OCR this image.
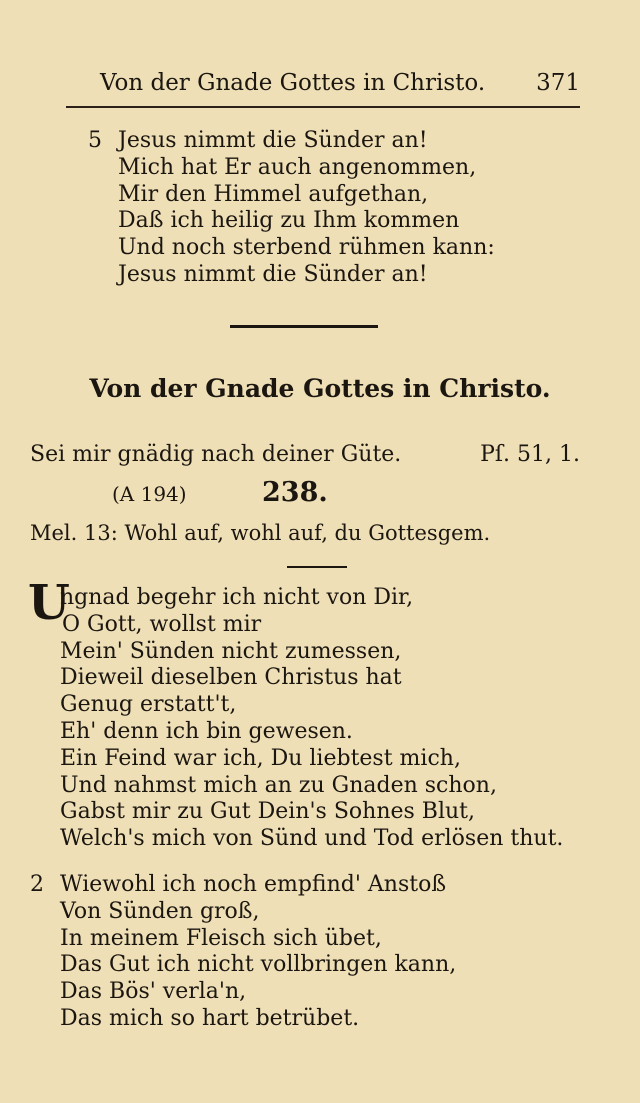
Von der Gnade Gottes in Christo. 371
5 Jesus nimmt die Sünder an!
Mich hat Er auch angenommen,
Mir den Himmel aufgethan,
Daß ich heilig zu Ihm kommen
Und noch sterbend rühmen kann:
Jesus nimmt die Sünder an!
Von der Gnade Gottes in Christo.
Sei mir gnädig nach deiner Güte.	Pſ. 51, 1.
(A 194)	238.
Mel. 13: Wohl auf, wohl auf, du Gottesgem.
U
ngnad begehr ich nicht von Dir,
O Gott, wollst mir
Mein' Sünden nicht zumessen,
Dieweil dieselben Christus hat
Genug erstatt't,
Eh' denn ich bin gewesen.
Ein Feind war ich, Du liebtest mich,
Und nahmst mich an zu Gnaden schon,
Gabst mir zu Gut Dein's Sohnes Blut,
Welch's mich von Sünd und Tod erlösen thut.
2 Wiewohl ich noch empfind' Anstoß
Von Sünden groß,
In meinem Fleisch sich übet,
Das Gut ich nicht vollbringen kann,
Das Bös' verla'n,
Das mich so hart betrübet.
